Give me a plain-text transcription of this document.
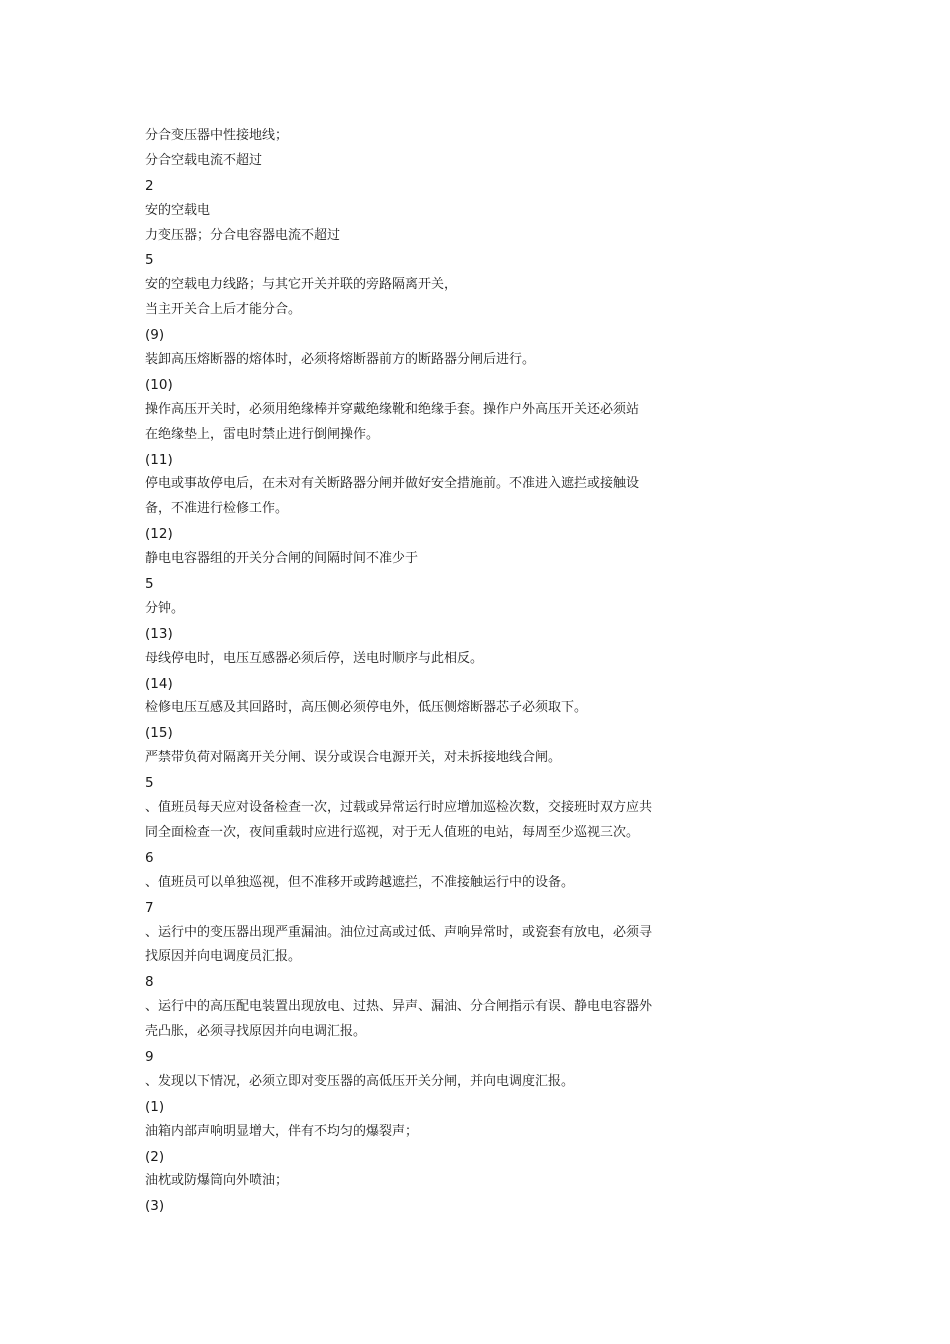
分合变压器中性接地线；
分合空载电流不超过
2
安的空载电
力变压器；分合电容器电流不超过
5
安的空载电力线路；与其它开关并联的旁路隔离开关，
当主开关合上后才能分合。
(9)
装卸高压熔断器的熔体时，必须将熔断器前方的断路器分闸后进行。
(10)
操作高压开关时，必须用绝缘棒并穿戴绝缘靴和绝缘手套。操作户外高压开关还必须站
在绝缘垫上，雷电时禁止进行倒闸操作。
(11)
停电或事故停电后，在未对有关断路器分闸并做好安全措施前。不准进入遮拦或接触设
备，不准进行检修工作。
(12)
静电电容器组的开关分合闸的间隔时间不准少于
5
分钟。
(13)
母线停电时，电压互感器必须后停，送电时顺序与此相反。
(14)
检修电压互感及其回路时，高压侧必须停电外，低压侧熔断器芯子必须取下。
(15)
严禁带负荷对隔离开关分闸、误分或误合电源开关，对未拆接地线合闸。
5
、值班员每天应对设备检查一次，过载或异常运行时应增加巡检次数，交接班时双方应共
同全面检查一次，夜间重载时应进行巡视，对于无人值班的电站，每周至少巡视三次。
6
、值班员可以单独巡视，但不准移开或跨越遮拦，不准接触运行中的设备。
7
、运行中的变压器出现严重漏油。油位过高或过低、声响异常时，或瓷套有放电，必须寻
找原因并向电调度员汇报。
8
、运行中的高压配电装置出现放电、过热、异声、漏油、分合闸指示有误、静电电容器外
壳凸胀，必须寻找原因并向电调汇报。
9
、发现以下情况，必须立即对变压器的高低压开关分闸，并向电调度汇报。
(1)
油箱内部声响明显增大，伴有不均匀的爆裂声；
(2)
油枕或防爆筒向外喷油；
(3)
